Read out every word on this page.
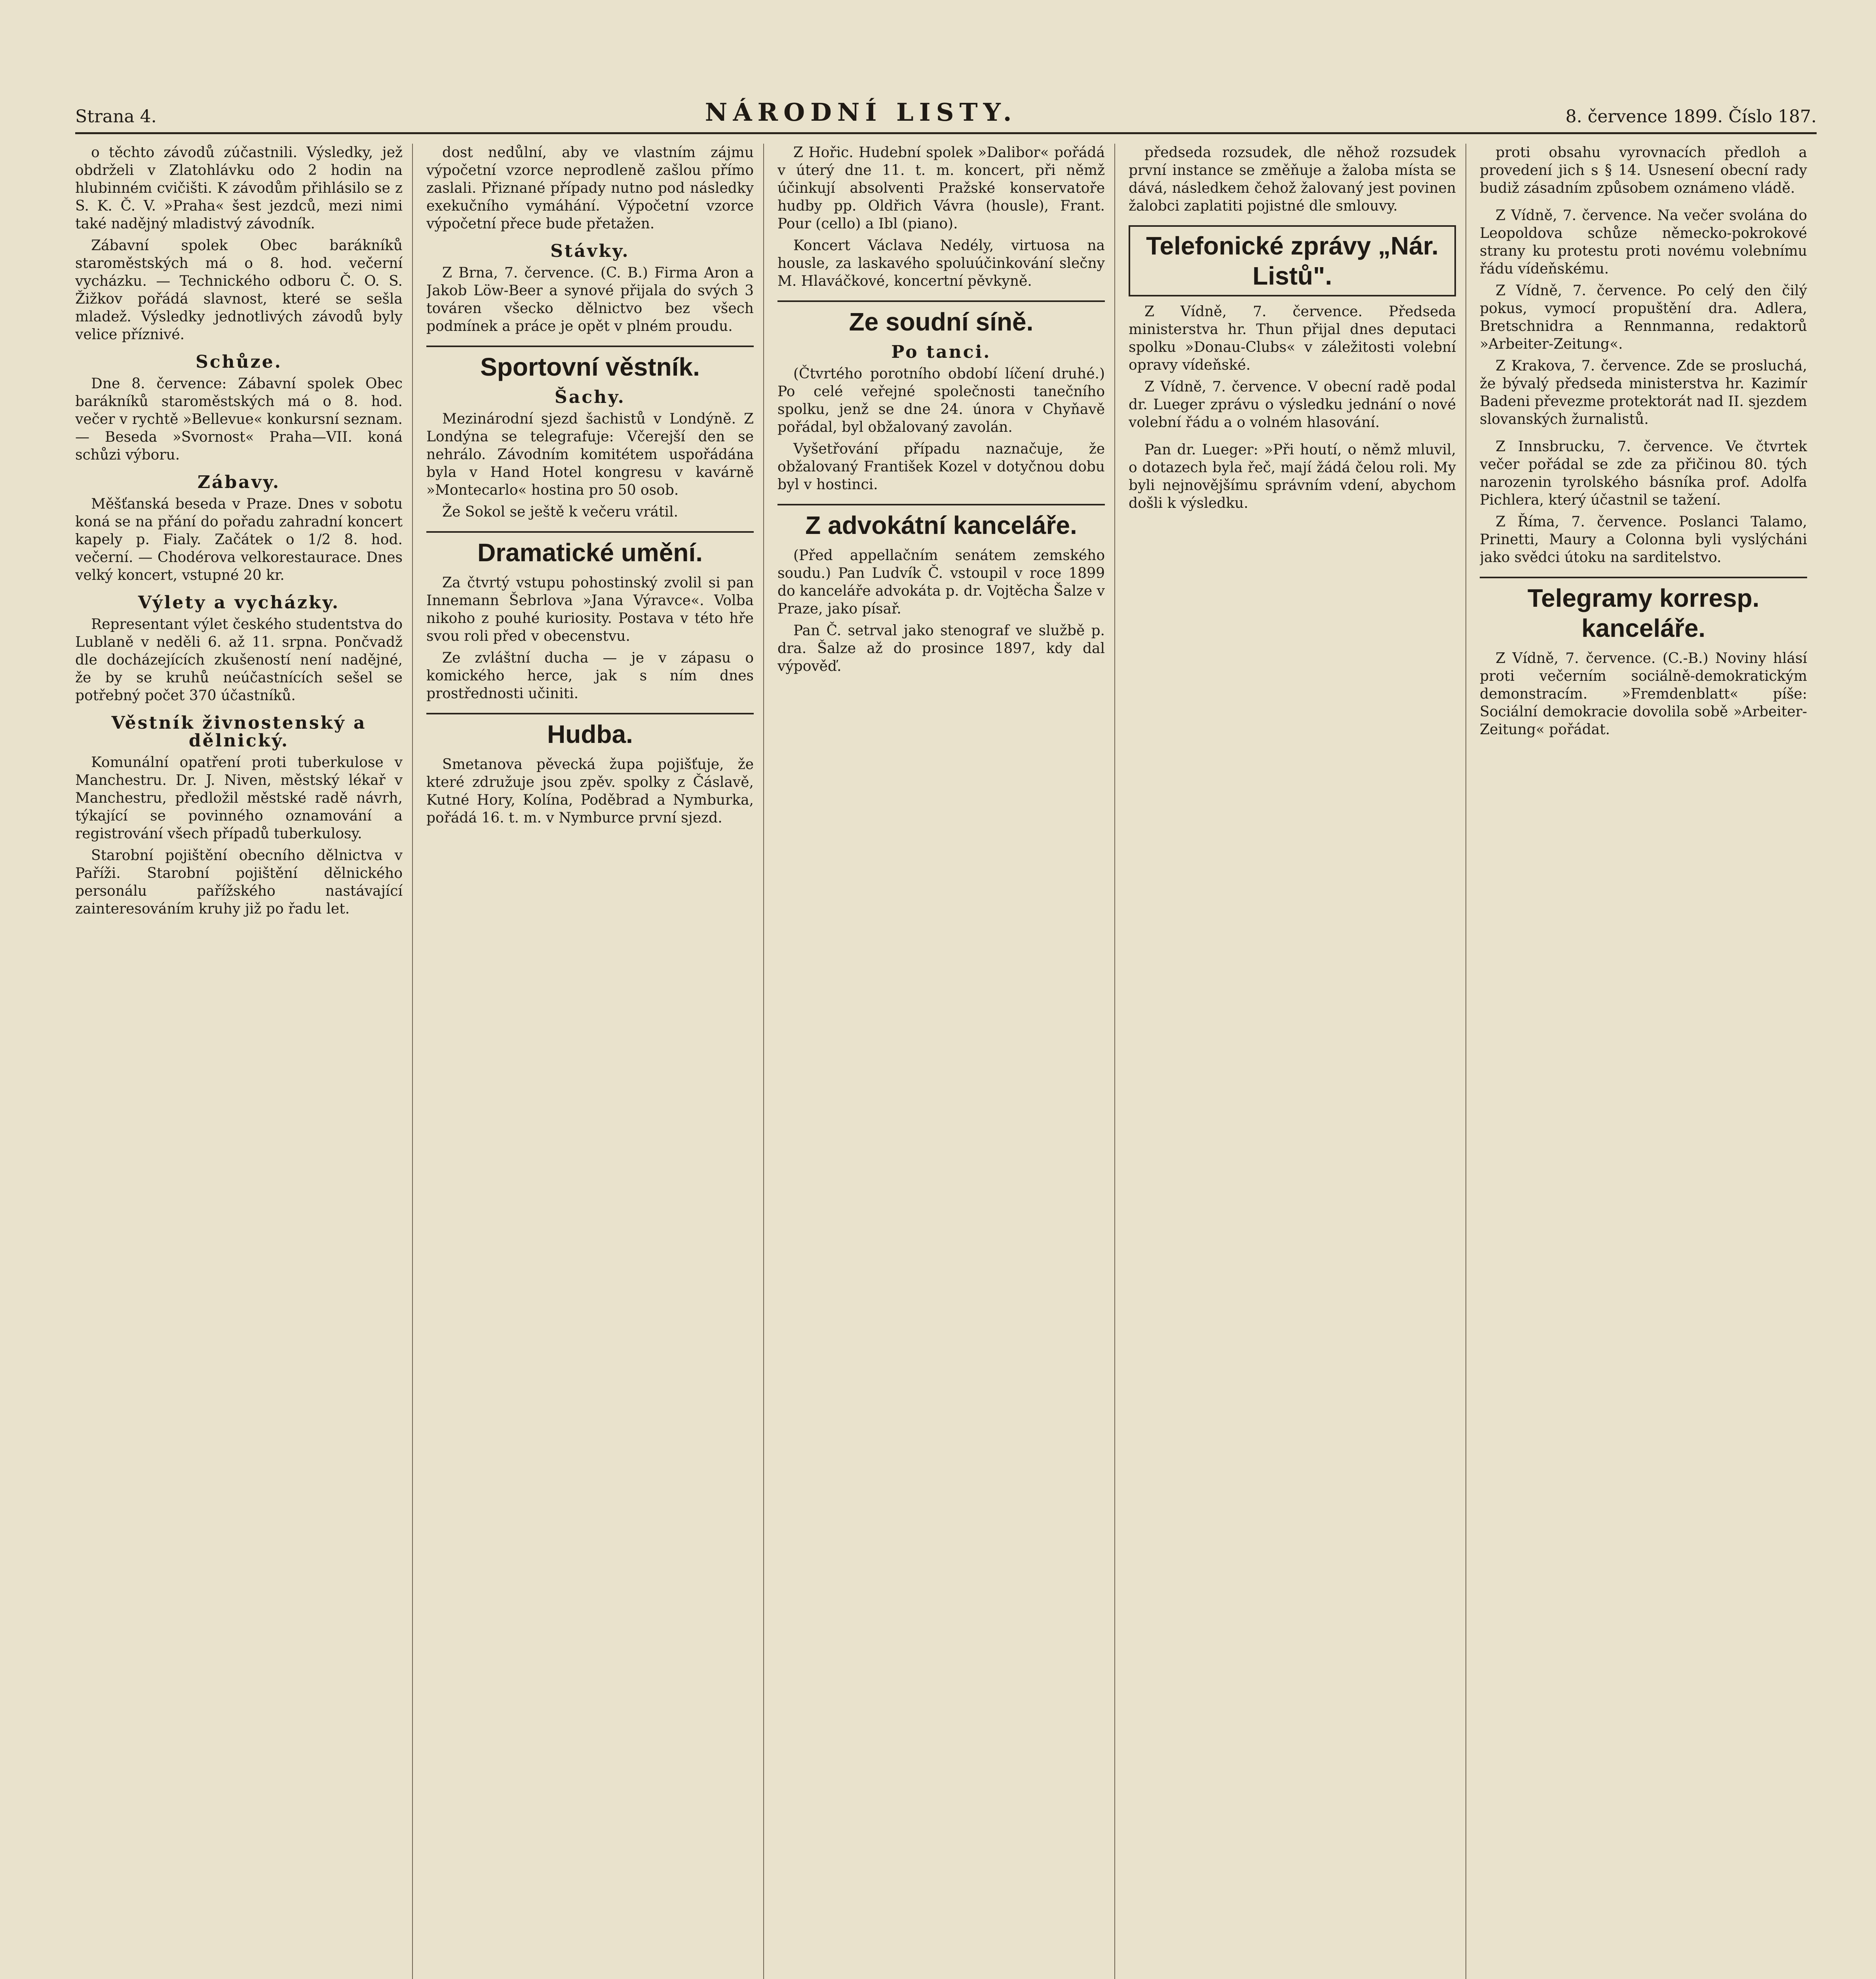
Strana 4.	NÁRODNÍ LISTY.	8. července 1899. Číslo 187.

o těchto závodů zúčastnili. Výsledky, jež obdrželi v Zlatohlávku odo 2 hodin na hlubinném cvičišti. K závodům přihlásilo se z S. K. Č. V. »Praha« šest jezdců, mezi nimi také nadějný mladistvý závodník.

Zábavní spolek Obec barákníků staroměstských má o 8. hod. večerní vycházku. — Technického odboru Č. O. S. Žižkov pořádá slavnost, které se sešla mladež. Výsledky jednotlivých závodů byly velice příznivé.

Schůze.

Dne 8. července: Zábavní spolek Obec barákníků staroměstských má o 8. hod. večer v rychtě »Bellevue« konkursní seznam. — Beseda »Svornost« Praha—VII. koná schůzi výboru.

Zábavy.

Měšťanská beseda v Praze. Dnes v sobotu koná se na přání do pořadu zahradní koncert kapely p. Fialy. Začátek o 1/2 8. hod. večerní. — Chodérova velkorestaurace. Dnes velký koncert, vstupné 20 kr.

Výlety a vycházky.

Representant výlet českého studentstva do Lublaně v neděli 6. až 11. srpna. Pončvadž dle docházejících zkušeností není nadějné, že by se kruhů neúčastnících sešel se potřebný počet 370 účastníků.

Věstník živnostenský a dělnický.

Komunální opatření proti tuberkulose v Manchestru. Dr. J. Niven, městský lékař v Manchestru, předložil městské radě návrh, týkající se povinného oznamování a registrování všech případů tuberkulosy.

Starobní pojištění obecního dělnictva v Paříži. Starobní pojištění dělnického personálu pařížského nastávající zainteresováním kruhy již po řadu let.

dost nedůlní, aby ve vlastním zájmu výpočetní vzorce neprodleně zašlou přímo zaslali. Přiznané případy nutno pod následky exekučního vymáhání. Výpočetní vzorce výpočetní přece bude přetažen.

Stávky.

Z Brna, 7. července. (C. B.) Firma Aron a Jakob Löw-Beer a synové přijala do svých 3 továren všecko dělnictvo bez všech podmínek a práce je opět v plném proudu.

Sportovní věstník.
Šachy.

Mezinárodní sjezd šachistů v Londýně. Z Londýna se telegrafuje: Včerejší den se nehrálo. Závodním komitétem uspořádána byla v Hand Hotel kongresu v kavárně »Montecarlo« hostina pro 50 osob.

Že Sokol se ještě k večeru vrátil.

Dramatické umění.

Za čtvrtý vstupu pohostinský zvolil si pan Innemann Šebrlova »Jana Výravce«. Volba nikoho z pouhé kuriosity. Postava v této hře svou roli před v obecenstvu.

Ze zvláštní ducha — je v zápasu o komického herce, jak s ním dnes prostřednosti učiniti.

Hudba.

Smetanova pěvecká župa pojišťuje, že které združuje jsou zpěv. spolky z Čáslavě, Kutné Hory, Kolína, Poděbrad a Nymburka, pořádá 16. t. m. v Nymburce první sjezd.

Z Hořic. Hudební spolek »Dalibor« pořádá v úterý dne 11. t. m. koncert, při němž účinkují absolventi Pražské konservatoře hudby pp. Oldřich Vávra (housle), Frant. Pour (cello) a Ibl (piano).

Koncert Václava Nedély, virtuosa na housle, za laskavého spoluúčinkování slečny M. Hlaváčkové, koncertní pěvkyně.

Ze soudní síně.
Po tanci.

(Čtvrtého porotního období líčení druhé.) Po celé veřejné společnosti tanečního spolku, jenž se dne 24. února v Chyňavě pořádal, byl obžalovaný zavolán.

Vyšetřování případu naznačuje, že obžalovaný František Kozel v dotyčnou dobu byl v hostinci.

Z advokátní kanceláře.

(Před appellačním senátem zemského soudu.) Pan Ludvík Č. vstoupil v roce 1899 do kanceláře advokáta p. dr. Vojtěcha Šalze v Praze, jako písař.

Pan Č. setrval jako stenograf ve službě p. dra. Šalze až do prosince 1897, kdy dal výpověď.

předseda rozsudek, dle něhož rozsudek první instance se změňuje a žaloba místa se dává, následkem čehož žalovaný jest povinen žalobci zaplatiti pojistné dle smlouvy.

Telefonické zprávy „Nár. Listů".

Z Vídně, 7. července. Předseda ministerstva hr. Thun přijal dnes deputaci spolku »Donau-Clubs« v záležitosti volební opravy vídeňské.

Z Vídně, 7. července. V obecní radě podal dr. Lueger zprávu o výsledku jednání o nové volební řádu a o volném hlasování.

Pan dr. Lueger: »Při houtí, o němž mluvil, o dotazech byla řeč, mají žádá čelou roli. My byli nejnovějšímu správním vdení, abychom došli k výsledku.

proti obsahu vyrovnacích předloh a provedení jich s § 14. Usnesení obecní rady budiž zásadním způsobem oznámeno vládě.

Z Vídně, 7. července. Na večer svolána do Leopoldova schůze německo-pokrokové strany ku protestu proti novému volebnímu řádu vídeňskému.

Z Vídně, 7. července. Po celý den čilý pokus, vymocí propuštění dra. Adlera, Bretschnidra a Rennmanna, redaktorů »Arbeiter-Zeitung«.

Z Krakova, 7. července. Zde se prosluchá, že bývalý předseda ministerstva hr. Kazimír Badeni převezme protektorát nad II. sjezdem slovanských žurnalistů.

Z Innsbrucku, 7. července. Ve čtvrtek večer pořádal se zde za přičinou 80. tých narozenin tyrolského básníka prof. Adolfa Pichlera, který účastnil se tažení.

Z Říma, 7. července. Poslanci Talamo, Prinetti, Maury a Colonna byli vyslýcháni jako svědci útoku na sarditelstvo.

Telegramy korresp. kanceláře.

Z Vídně, 7. července. (C.-B.) Noviny hlásí proti večerním sociálně-demokratickým demonstracím. »Fremdenblatt« píše: Sociální demokracie dovolila sobě »Arbeiter-Zeitung« pořádat.
